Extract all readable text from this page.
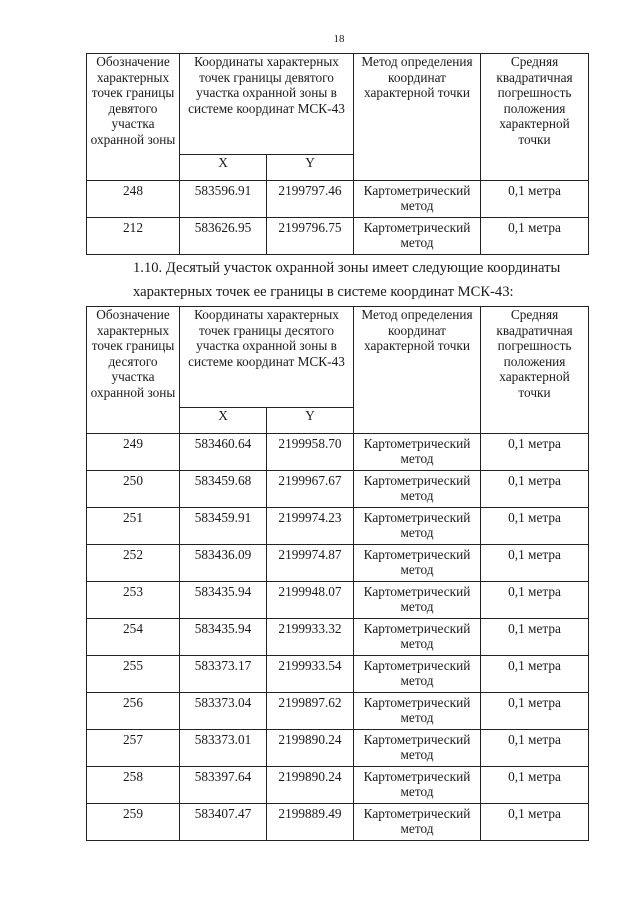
18
Обозначение характерных точек границы девятого участка охранной зоны	Координаты характерных точек границы девятого участка охранной зоны в системе координат МСК-43		Метод определения координат характерной точки	Средняя квадратичная погрешность положения характерной точки
	X	Y		
248	583596.91	2199797.46	Картометрический метод	0,1 метра
212	583626.95	2199796.75	Картометрический метод	0,1 метра
1.10. Десятый участок охранной зоны имеет следующие координаты
характерных точек ее границы в системе координат МСК-43:
Обозначение характерных точек границы десятого участка охранной зоны	Координаты характерных точек границы десятого участка охранной зоны в системе координат МСК-43		Метод определения координат характерной точки	Средняя квадратичная погрешность положения характерной точки
	X	Y		
249	583460.64	2199958.70	Картометрический метод	0,1 метра
250	583459.68	2199967.67	Картометрический метод	0,1 метра
251	583459.91	2199974.23	Картометрический метод	0,1 метра
252	583436.09	2199974.87	Картометрический метод	0,1 метра
253	583435.94	2199948.07	Картометрический метод	0,1 метра
254	583435.94	2199933.32	Картометрический метод	0,1 метра
255	583373.17	2199933.54	Картометрический метод	0,1 метра
256	583373.04	2199897.62	Картометрический метод	0,1 метра
257	583373.01	2199890.24	Картометрический метод	0,1 метра
258	583397.64	2199890.24	Картометрический метод	0,1 метра
259	583407.47	2199889.49	Картометрический метод	0,1 метра
